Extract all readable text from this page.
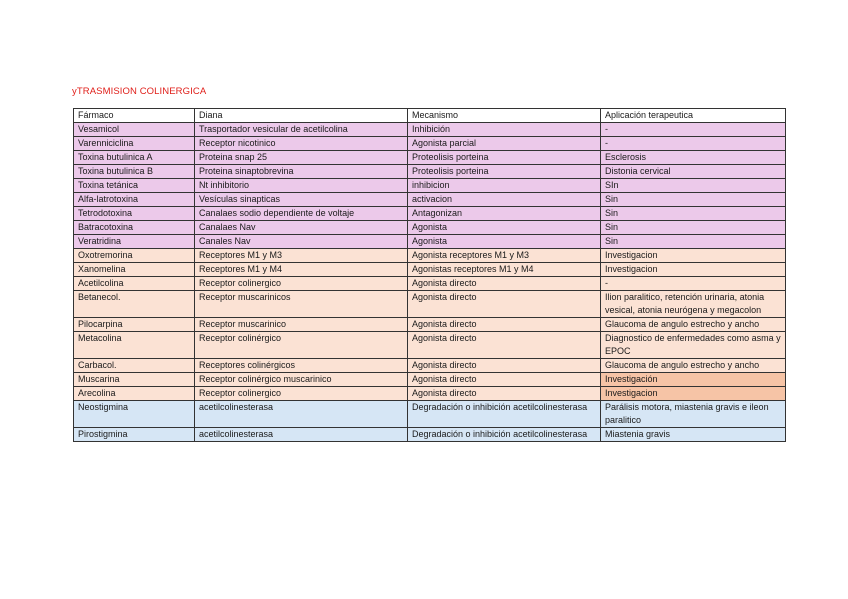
yTRASMISION COLINERGICA
Fármaco	Diana	Mecanismo	Aplicación terapeutica
Vesamicol	Trasportador vesicular de acetilcolina	Inhibición	-
Varenniciclina	Receptor nicotinico	Agonista parcial	-
Toxina butulinica A	Proteina snap 25	Proteolisis porteina	Esclerosis
Toxina butulinica B	Proteina sinaptobrevina	Proteolisis porteina	Distonia cervical
Toxina tetánica	Nt inhibitorio	inhibicion	SIn
Alfa-latrotoxina	Vesículas sinapticas	activacion	Sin
Tetrodotoxina	Canalaes sodio dependiente de voltaje	Antagonizan	Sin
Batracotoxina	Canalaes Nav	Agonista	Sin
Veratridina	Canales Nav	Agonista	Sin
Oxotremorina	Receptores M1 y M3	Agonista receptores M1 y M3	Investigacion
Xanomelina	Receptores M1 y M4	Agonistas receptores M1 y M4	Investigacion
Acetilcolina	Receptor colinergico	Agonista directo	-
Betanecol.	Receptor muscarinicos	Agonista directo	Ilion paralitico, retención urinaria, atonia vesical, atonia neurógena y megacolon
Pilocarpina	Receptor muscarinico	Agonista directo	Glaucoma de angulo estrecho y ancho
Metacolina	Receptor colinérgico	Agonista directo	Diagnostico de enfermedades como asma y EPOC
Carbacol.	Receptores colinérgicos	Agonista directo	Glaucoma de angulo estrecho y ancho
Muscarina	Receptor colinérgico muscarinico	Agonista directo	Investigación
Arecolina	Receptor colinergico	Agonista directo	Investigacion
Neostigmina	acetilcolinesterasa	Degradación o inhibición acetilcolinesterasa	Parálisis motora, miastenia gravis e ileon paralitico
Pirostigmina	acetilcolinesterasa	Degradación o inhibición acetilcolinesterasa	Miastenia gravis
